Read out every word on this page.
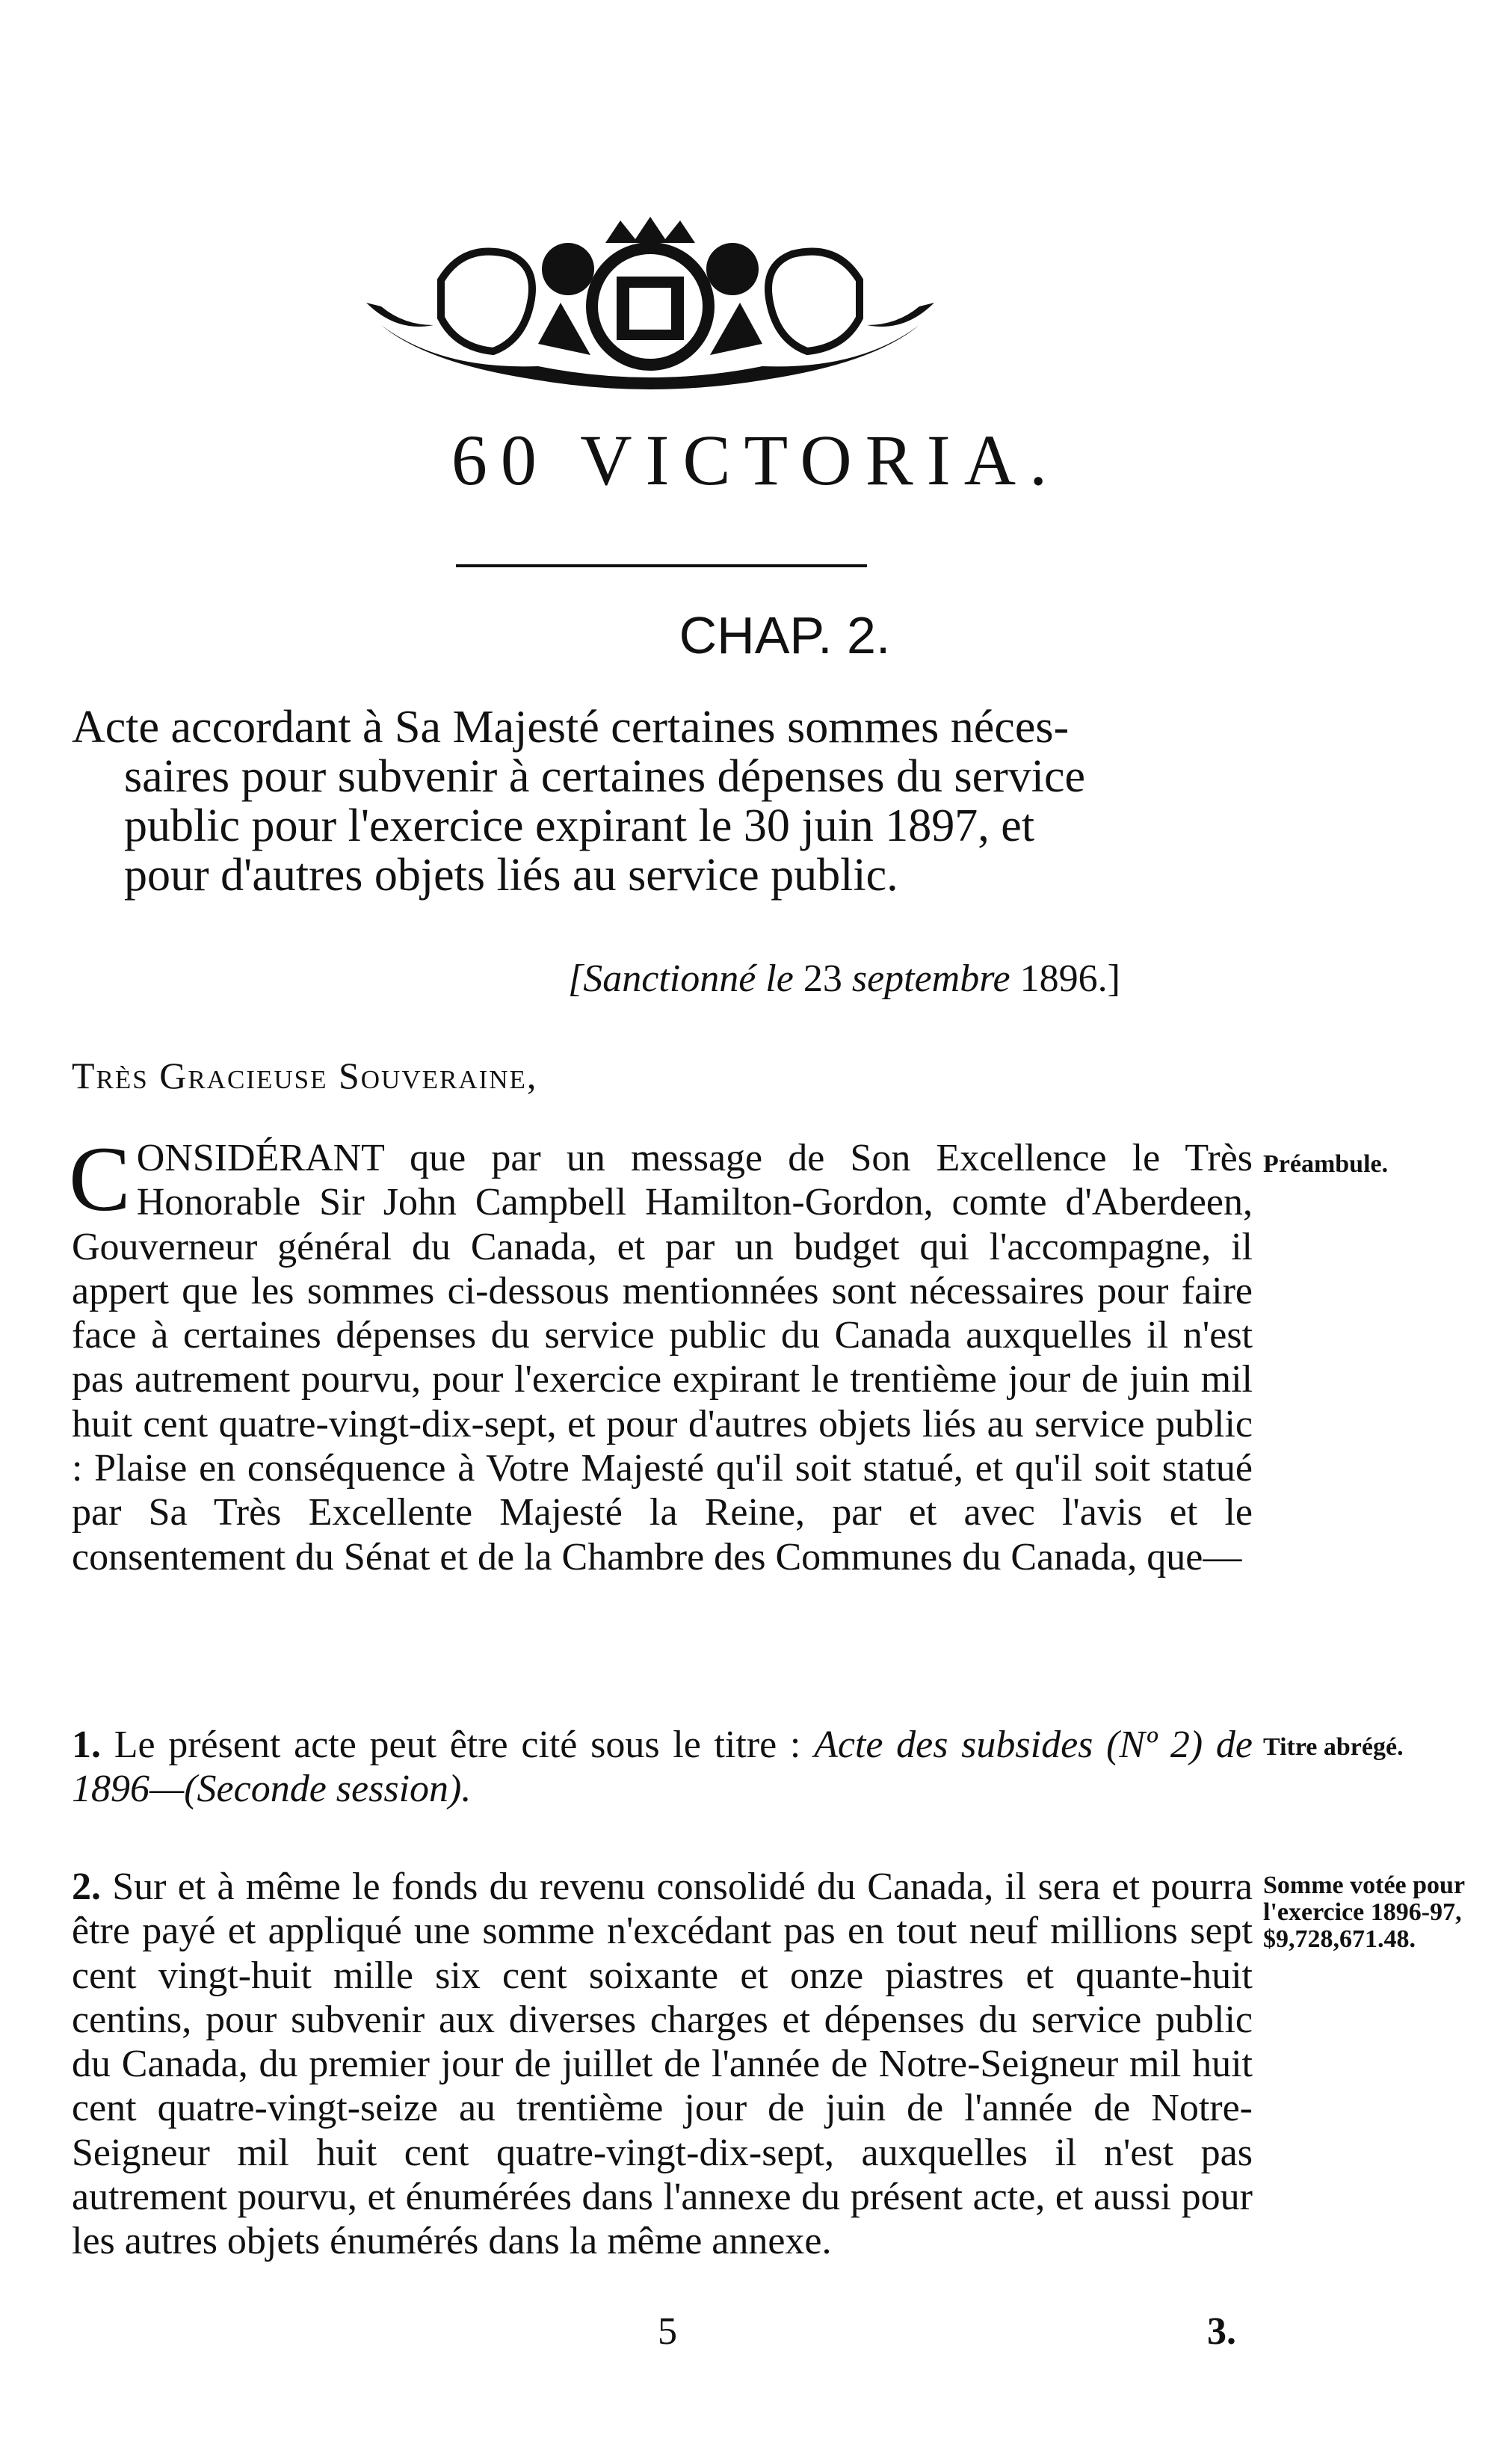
60 VICTORIA.
CHAP. 2.
Acte accordant à Sa Majesté certaines sommes néces-
saires pour subvenir à certaines dépenses du service
public pour l'exercice expirant le 30 juin 1897, et
pour d'autres objets liés au service public.
[Sanctionné le 23 septembre 1896.]
Très Gracieuse Souveraine,

CONSIDÉRANT que par un message de Son Excellence le Très Honorable Sir John Campbell Hamilton-Gordon, comte d'Aberdeen, Gouverneur général du Canada, et par un budget qui l'accompagne, il appert que les sommes ci-dessous mentionnées sont nécessaires pour faire face à certaines dépenses du service public du Canada auxquelles il n'est pas autrement pourvu, pour l'exercice expirant le trentième jour de juin mil huit cent quatre-vingt-dix-sept, et pour d'autres objets liés au service public : Plaise en conséquence à Votre Majesté qu'il soit statué, et qu'il soit statué par Sa Très Excellente Majesté la Reine, par et avec l'avis et le consentement du Sénat et de la Chambre des Communes du Canada, que—

Préambule.

1. Le présent acte peut être cité sous le titre : Acte des subsides (Nº 2) de 1896—(Seconde session).

Titre abrégé.

2. Sur et à même le fonds du revenu consolidé du Canada, il sera et pourra être payé et appliqué une somme n'excédant pas en tout neuf millions sept cent vingt-huit mille six cent soixante et onze piastres et quante-huit centins, pour subvenir aux diverses charges et dépenses du service public du Canada, du premier jour de juillet de l'année de Notre-Seigneur mil huit cent quatre-vingt-seize au trentième jour de juin de l'année de Notre-Seigneur mil huit cent quatre-vingt-dix-sept, auxquelles il n'est pas autrement pourvu, et énumérées dans l'annexe du présent acte, et aussi pour les autres objets énumérés dans la même annexe.

Somme votée pour l'exercice 1896-97,
$9,728,671.48.
5	3.
